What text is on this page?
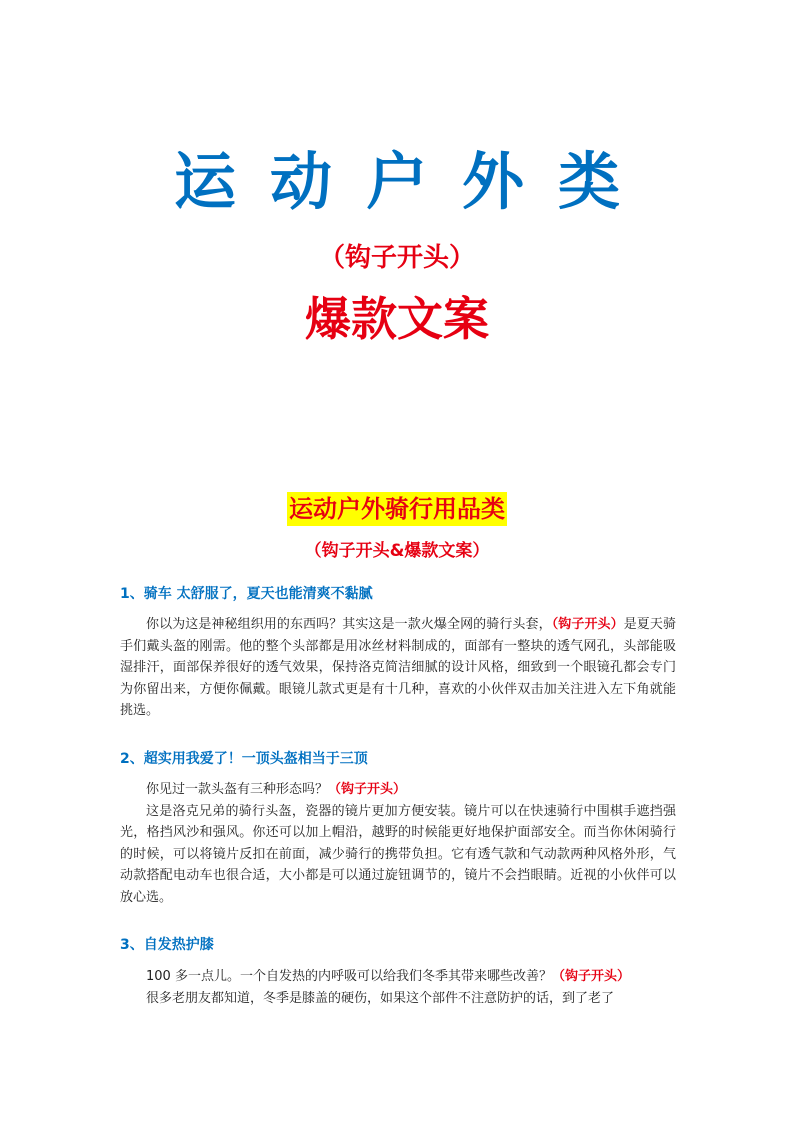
运动户外类
（钩子开头）
爆款文案
运动户外骑行用品类
（钩子开头&爆款文案）
1、骑车 太舒服了，夏天也能清爽不黏腻

你以为这是神秘组织用的东西吗？其实这是一款火爆全网的骑行头套，（钩子开头）是夏天骑手们戴头盔的刚需。他的整个头部都是用冰丝材料制成的，面部有一整块的透气网孔，头部能吸湿排汗，面部保养很好的透气效果，保持洛克简洁细腻的设计风格，细致到一个眼镜孔都会专门为你留出来，方便你佩戴。眼镜儿款式更是有十几种，喜欢的小伙伴双击加关注进入左下角就能挑选。

2、超实用我爱了！一顶头盔相当于三顶

你见过一款头盔有三种形态吗？（钩子开头）

这是洛克兄弟的骑行头盔，瓷器的镜片更加方便安装。镜片可以在快速骑行中围棋手遮挡强光，格挡风沙和强风。你还可以加上帽沿，越野的时候能更好地保护面部安全。而当你休闲骑行的时候，可以将镜片反扣在前面，减少骑行的携带负担。它有透气款和气动款两种风格外形，气动款搭配电动车也很合适，大小都是可以通过旋钮调节的，镜片不会挡眼睛。近视的小伙伴可以放心选。

3、自发热护膝

100 多一点儿。一个自发热的内呼吸可以给我们冬季其带来哪些改善？（钩子开头）

很多老朋友都知道，冬季是膝盖的硬伤，如果这个部件不注意防护的话，到了老了
